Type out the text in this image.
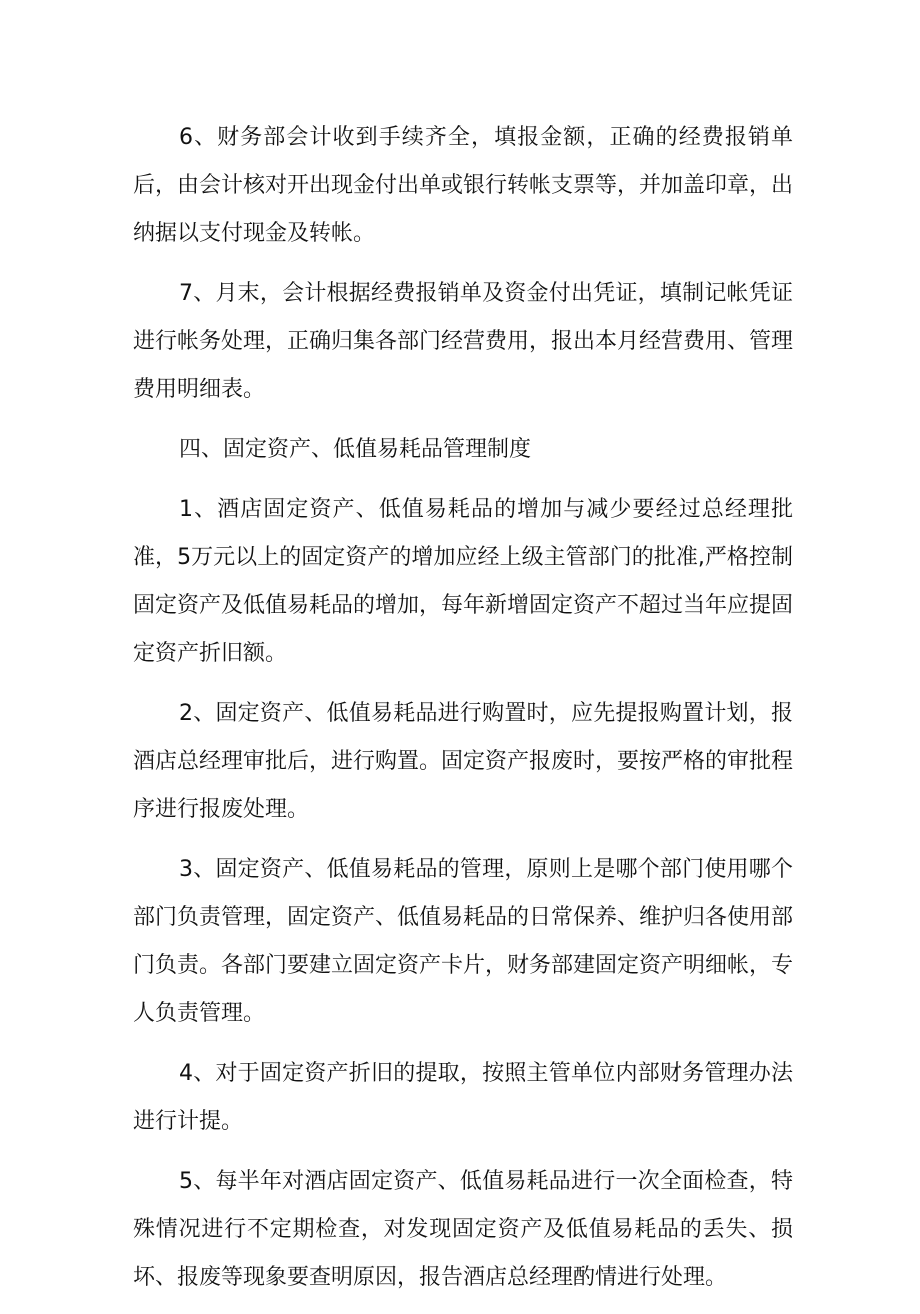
6、财务部会计收到手续齐全，填报金额，正确的经费报销单后，由会计核对开出现金付出单或银行转帐支票等，并加盖印章，出纳据以支付现金及转帐。

7、月末，会计根据经费报销单及资金付出凭证，填制记帐凭证进行帐务处理，正确归集各部门经营费用，报出本月经营费用、管理费用明细表。

四、固定资产、低值易耗品管理制度

1、酒店固定资产、低值易耗品的增加与减少要经过总经理批准，5万元以上的固定资产的增加应经上级主管部门的批准,严格控制固定资产及低值易耗品的增加，每年新增固定资产不超过当年应提固定资产折旧额。

2、固定资产、低值易耗品进行购置时，应先提报购置计划，报酒店总经理审批后，进行购置。固定资产报废时，要按严格的审批程序进行报废处理。

3、固定资产、低值易耗品的管理，原则上是哪个部门使用哪个部门负责管理，固定资产、低值易耗品的日常保养、维护归各使用部门负责。各部门要建立固定资产卡片，财务部建固定资产明细帐，专人负责管理。

4、对于固定资产折旧的提取，按照主管单位内部财务管理办法进行计提。

5、每半年对酒店固定资产、低值易耗品进行一次全面检查，特殊情况进行不定期检查，对发现固定资产及低值易耗品的丢失、损坏、报废等现象要查明原因，报告酒店总经理酌情进行处理。
